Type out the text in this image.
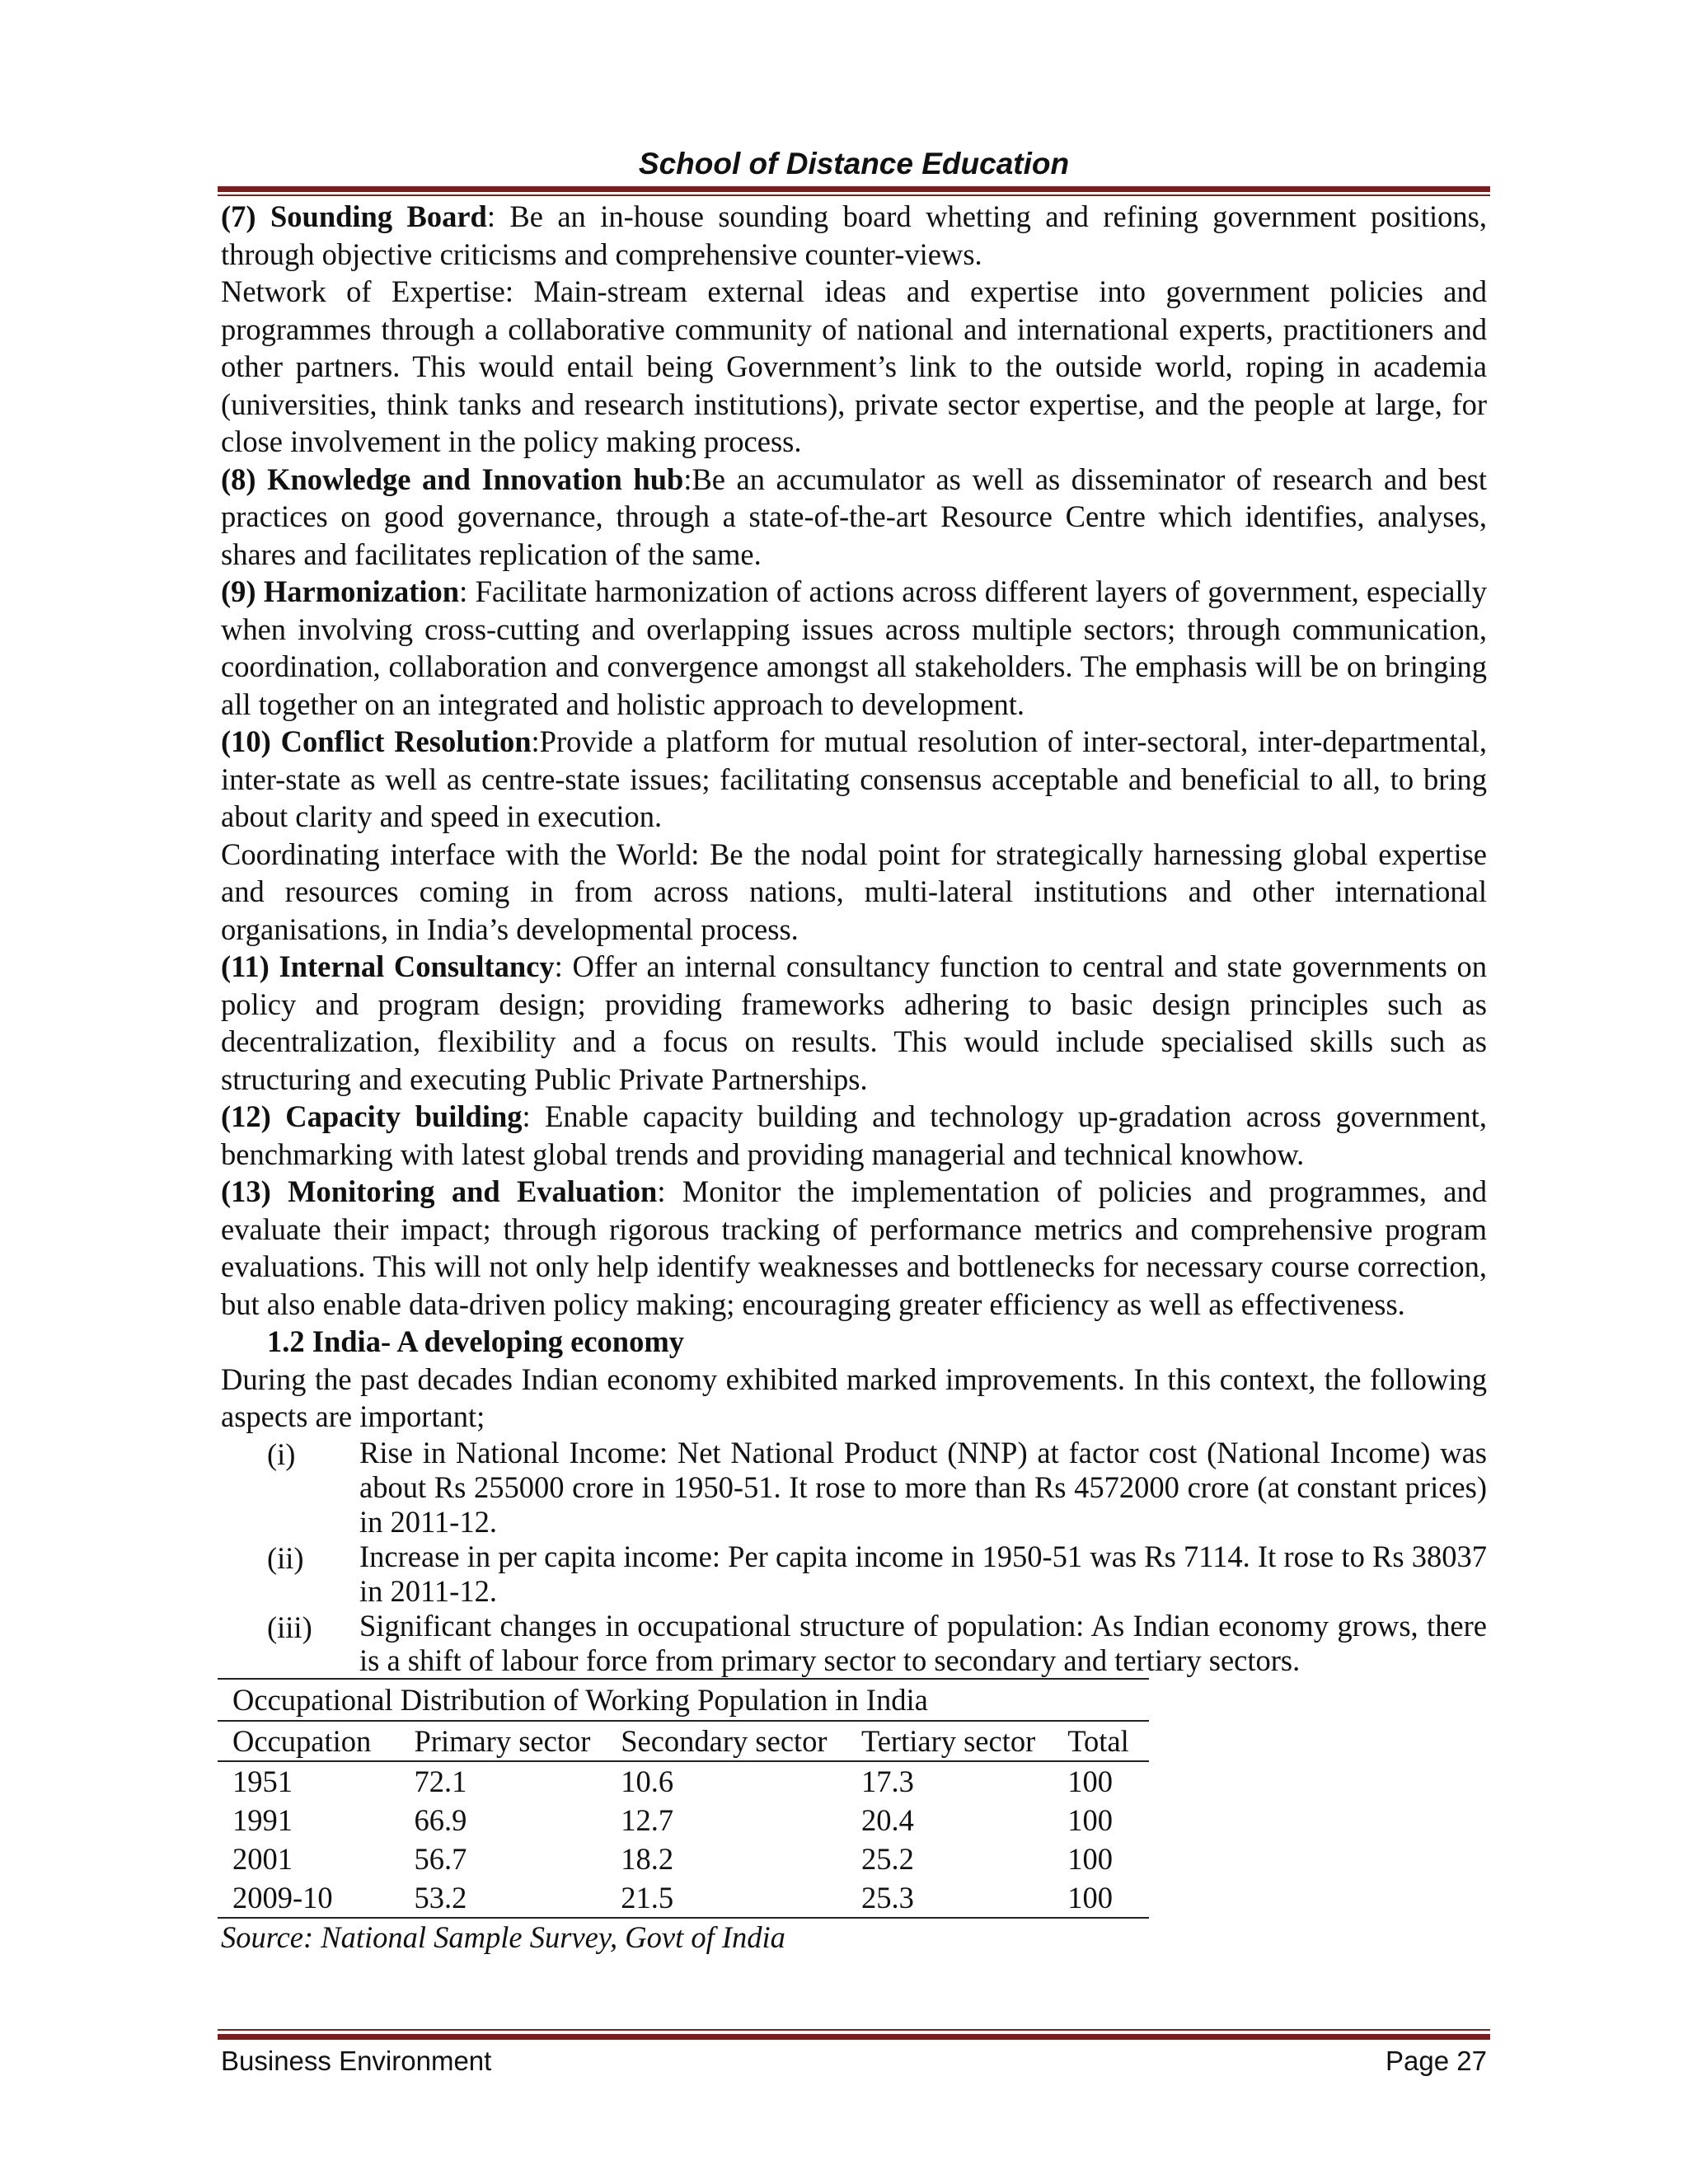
School of Distance Education

(7) Sounding Board: Be an in-house sounding board whetting and refining government positions, through objective criticisms and comprehensive counter-views.

Network of Expertise: Main-stream external ideas and expertise into government policies and programmes through a collaborative community of national and international experts, practitioners and other partners. This would entail being Government’s link to the outside world, roping in academia (universities, think tanks and research institutions), private sector expertise, and the people at large, for close involvement in the policy making process.

(8) Knowledge and Innovation hub:Be an accumulator as well as disseminator of research and best practices on good governance, through a state-of-the-art Resource Centre which identifies, analyses, shares and facilitates replication of the same.

(9) Harmonization: Facilitate harmonization of actions across different layers of government, especially when involving cross-cutting and overlapping issues across multiple sectors; through communication, coordination, collaboration and convergence amongst all stakeholders. The emphasis will be on bringing all together on an integrated and holistic approach to development.

(10) Conflict Resolution:Provide a platform for mutual resolution of inter-sectoral, inter-departmental, inter-state as well as centre-state issues; facilitating consensus acceptable and beneficial to all, to bring about clarity and speed in execution.

Coordinating interface with the World: Be the nodal point for strategically harnessing global expertise and resources coming in from across nations, multi-lateral institutions and other international organisations, in India’s developmental process.

(11) Internal Consultancy: Offer an internal consultancy function to central and state governments on policy and program design; providing frameworks adhering to basic design principles such as decentralization, flexibility and a focus on results. This would include specialised skills such as structuring and executing Public Private Partnerships.

(12) Capacity building: Enable capacity building and technology up-gradation across government, benchmarking with latest global trends and providing managerial and technical knowhow.

(13) Monitoring and Evaluation: Monitor the implementation of policies and programmes, and evaluate their impact; through rigorous tracking of performance metrics and comprehensive program evaluations. This will not only help identify weaknesses and bottlenecks for necessary course correction, but also enable data-driven policy making; encouraging greater efficiency as well as effectiveness.

1.2 India- A developing economy

During the past decades Indian economy exhibited marked improvements. In this context, the following aspects are important;

(i)	Rise in National Income: Net National Product (NNP) at factor cost (National Income) was about Rs 255000 crore in 1950-51. It rose to more than Rs 4572000 crore (at constant prices) in 2011-12.
(ii)	Increase in per capita income: Per capita income in 1950-51 was Rs 7114. It rose to Rs 38037 in 2011-12.
(iii)	Significant changes in occupational structure of population: As Indian economy grows, there is a shift of labour force from primary sector to secondary and tertiary sectors.
Occupational Distribution of Working Population in India
Occupation	Primary sector	Secondary sector	Tertiary sector	Total
1951	72.1	10.6	17.3	100
1991	66.9	12.7	20.4	100
2001	56.7	18.2	25.2	100
2009-10	53.2	21.5	25.3	100

Source: National Sample Survey, Govt of India

Business Environment	Page 27
